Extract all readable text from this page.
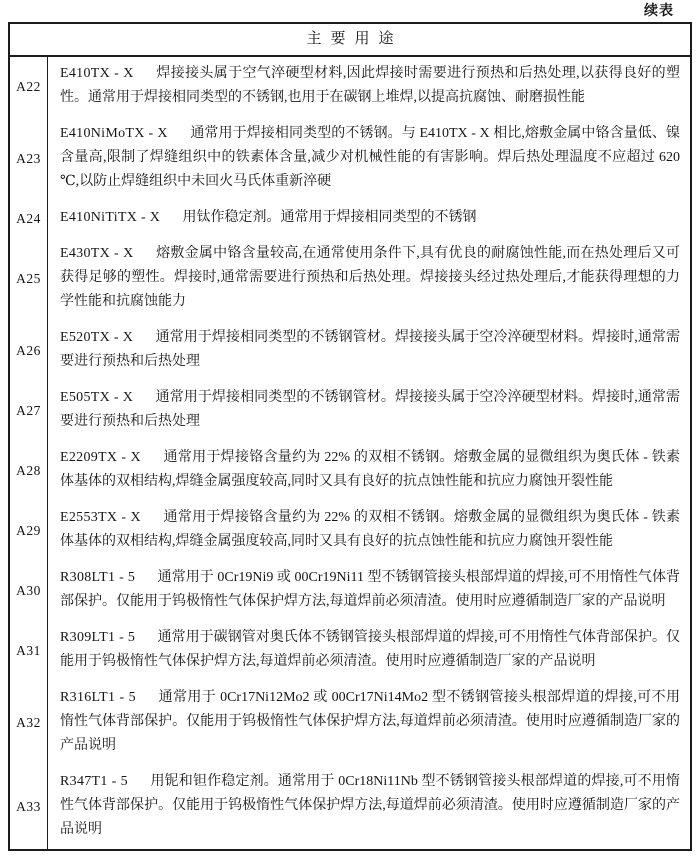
续表
主要用途
A22
E410TX - X 焊接接头属于空气淬硬型材料,因此焊接时需要进行预热和后热处理,以获得良好的塑性。通常用于焊接相同类型的不锈钢,也用于在碳钢上堆焊,以提高抗腐蚀、耐磨损性能
A23
E410NiMoTX - X 通常用于焊接相同类型的不锈钢。与 E410TX - X 相比,熔敷金属中铬含量低、镍含量高,限制了焊缝组织中的铁素体含量,减少对机械性能的有害影响。焊后热处理温度不应超过 620 ℃,以防止焊缝组织中未回火马氏体重新淬硬
A24	E410NiTiTX - X 用钛作稳定剂。通常用于焊接相同类型的不锈钢
A25
E430TX - X 熔敷金属中铬含量较高,在通常使用条件下,具有优良的耐腐蚀性能,而在热处理后又可获得足够的塑性。焊接时,通常需要进行预热和后热处理。焊接接头经过热处理后,才能获得理想的力学性能和抗腐蚀能力
A26
E520TX - X 通常用于焊接相同类型的不锈钢管材。焊接接头属于空冷淬硬型材料。焊接时,通常需要进行预热和后热处理
A27
E505TX - X 通常用于焊接相同类型的不锈钢管材。焊接接头属于空冷淬硬型材料。焊接时,通常需要进行预热和后热处理
A28
E2209TX - X 通常用于焊接铬含量约为 22% 的双相不锈钢。熔敷金属的显微组织为奥氏体 - 铁素体基体的双相结构,焊缝金属强度较高,同时又具有良好的抗点蚀性能和抗应力腐蚀开裂性能
A29
E2553TX - X 通常用于焊接铬含量约为 22% 的双相不锈钢。熔敷金属的显微组织为奥氏体 - 铁素体基体的双相结构,焊缝金属强度较高,同时又具有良好的抗点蚀性能和抗应力腐蚀开裂性能
A30
R308LT1 - 5 通常用于 0Cr19Ni9 或 00Cr19Ni11 型不锈钢管接头根部焊道的焊接,可不用惰性气体背部保护。仅能用于钨极惰性气体保护焊方法,每道焊前必须清渣。使用时应遵循制造厂家的产品说明
A31
R309LT1 - 5 通常用于碳钢管对奥氏体不锈钢管接头根部焊道的焊接,可不用惰性气体背部保护。仅能用于钨极惰性气体保护焊方法,每道焊前必须清渣。使用时应遵循制造厂家的产品说明
A32
R316LT1 - 5 通常用于 0Cr17Ni12Mo2 或 00Cr17Ni14Mo2 型不锈钢管接头根部焊道的焊接,可不用惰性气体背部保护。仅能用于钨极惰性气体保护焊方法,每道焊前必须清渣。使用时应遵循制造厂家的产品说明
A33
R347T1 - 5 用铌和钽作稳定剂。通常用于 0Cr18Ni11Nb 型不锈钢管接头根部焊道的焊接,可不用惰性气体背部保护。仅能用于钨极惰性气体保护焊方法,每道焊前必须清渣。使用时应遵循制造厂家的产品说明
